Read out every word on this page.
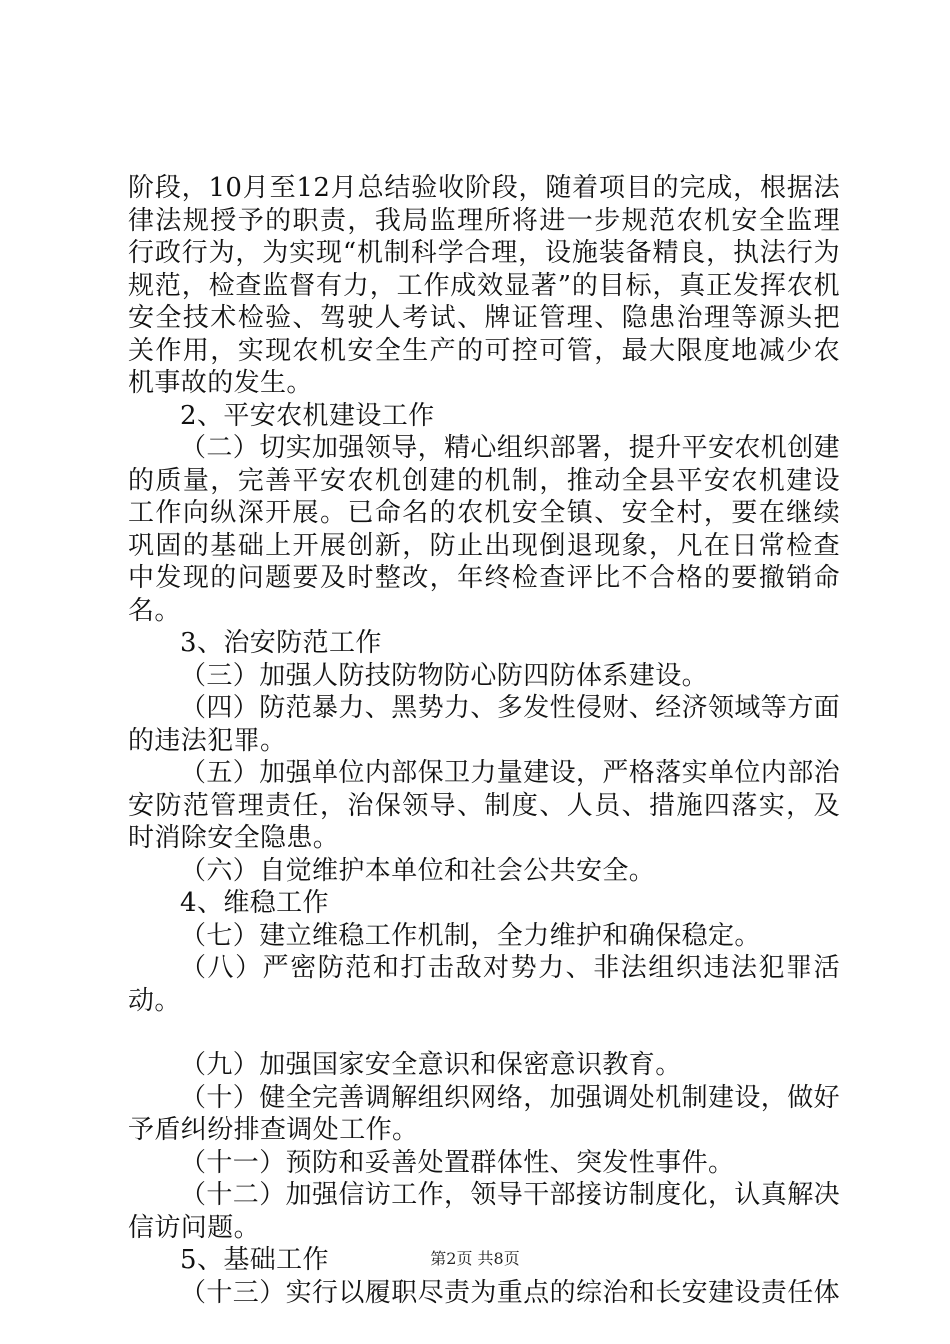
阶段，10月至12月总结验收阶段，随着项目的完成，根据法律法规授予的职责，我局监理所将进一步规范农机安全监理行政行为，为实现“机制科学合理，设施装备精良，执法行为规范，检查监督有力，工作成效显著”的目标，真正发挥农机安全技术检验、驾驶人考试、牌证管理、隐患治理等源头把关作用，实现农机安全生产的可控可管，最大限度地减少农机事故的发生。

2、平安农机建设工作

（二）切实加强领导，精心组织部署，提升平安农机创建的质量，完善平安农机创建的机制，推动全县平安农机建设工作向纵深开展。已命名的农机安全镇、安全村，要在继续巩固的基础上开展创新，防止出现倒退现象，凡在日常检查中发现的问题要及时整改，年终检查评比不合格的要撤销命名。

3、治安防范工作

（三）加强人防技防物防心防四防体系建设。

（四）防范暴力、黑势力、多发性侵财、经济领域等方面的违法犯罪。

（五）加强单位内部保卫力量建设，严格落实单位内部治安防范管理责任，治保领导、制度、人员、措施四落实，及时消除安全隐患。

（六）自觉维护本单位和社会公共安全。

4、维稳工作

（七）建立维稳工作机制，全力维护和确保稳定。

（八）严密防范和打击敌对势力、非法组织违法犯罪活动。

（九）加强国家安全意识和保密意识教育。

（十）健全完善调解组织网络，加强调处机制建设，做好予盾纠纷排查调处工作。

（十一）预防和妥善处置群体性、突发性事件。

（十二）加强信访工作，领导干部接访制度化，认真解决信访问题。

5、基础工作

（十三）实行以履职尽责为重点的综治和长安建设责任体

第2页 共8页
